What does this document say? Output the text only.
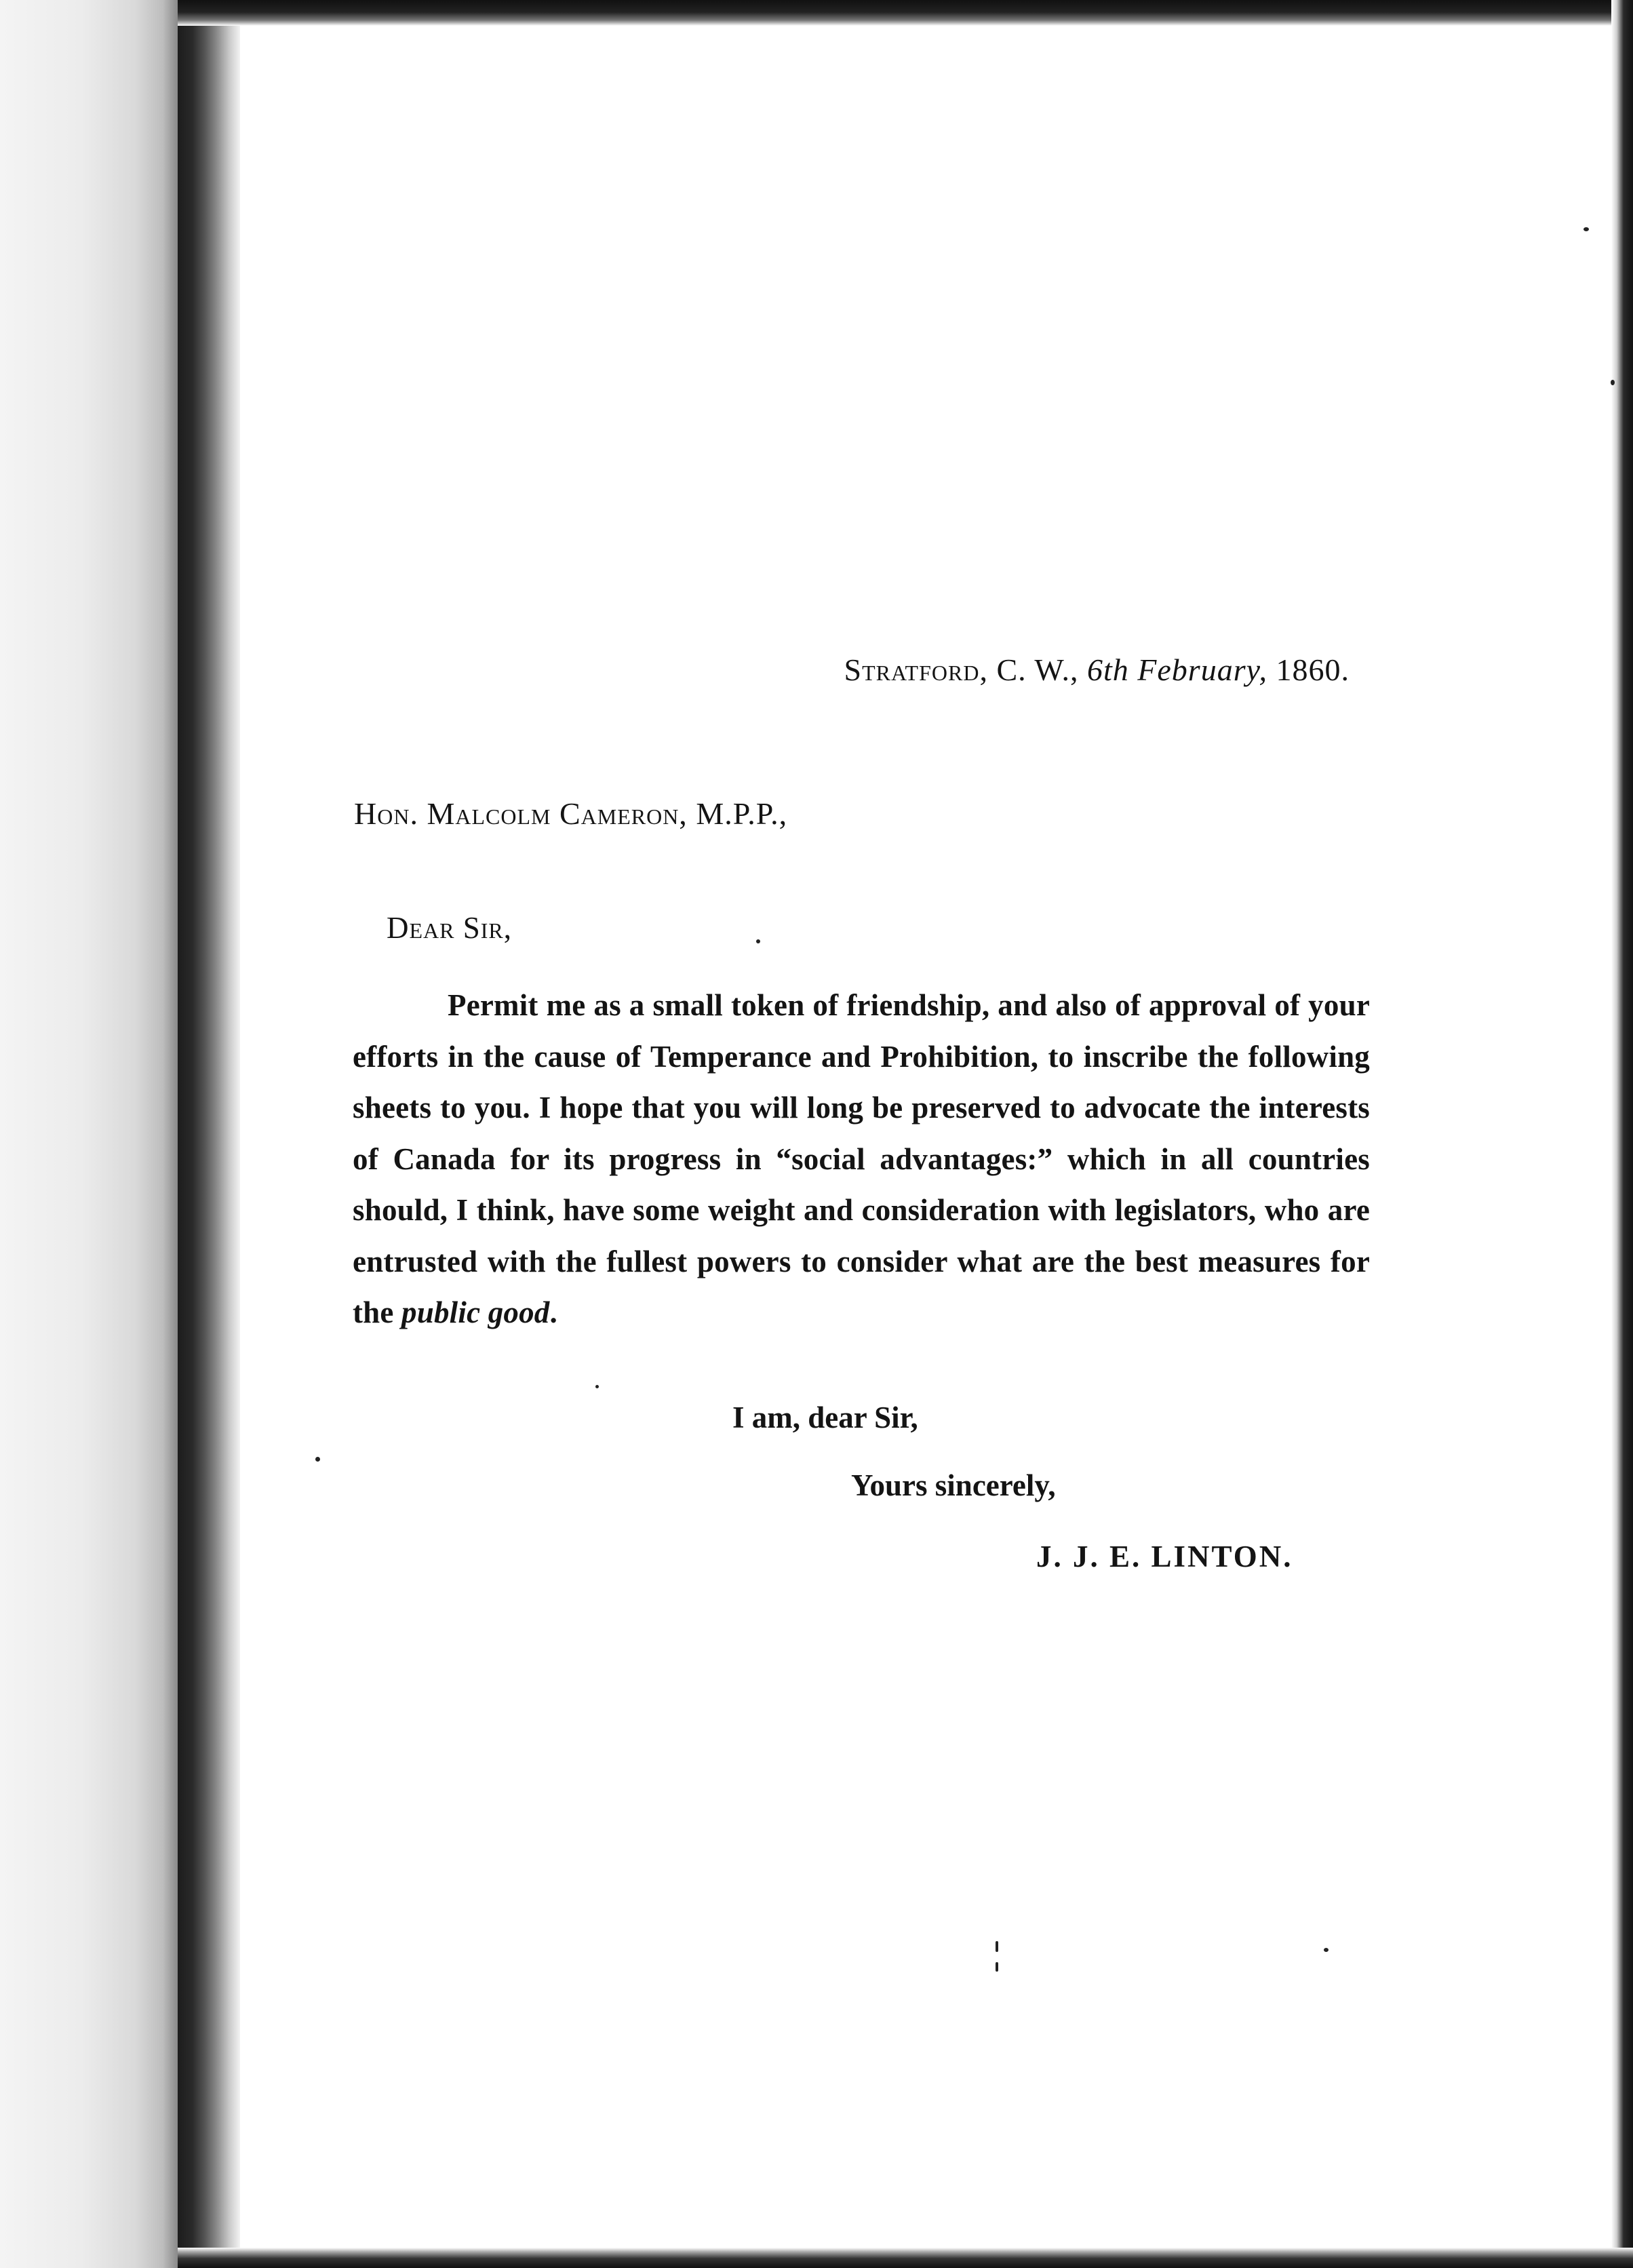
Stratford, C. W., 6th February, 1860.
Hon. Malcolm Cameron, M.P.P.,
Dear Sir,
Permit me as a small token of friendship, and also of approval of your efforts in the cause of Temperance and Prohibition, to inscribe the following sheets to you. I hope that you will long be preserved to advocate the interests of Canada for its progress in “social advantages:” which in all countries should, I think, have some weight and consideration with legislators, who are entrusted with the fullest powers to consider what are the best measures for the public good.
I am, dear Sir,
Yours sincerely,
J. J. E. LINTON.
